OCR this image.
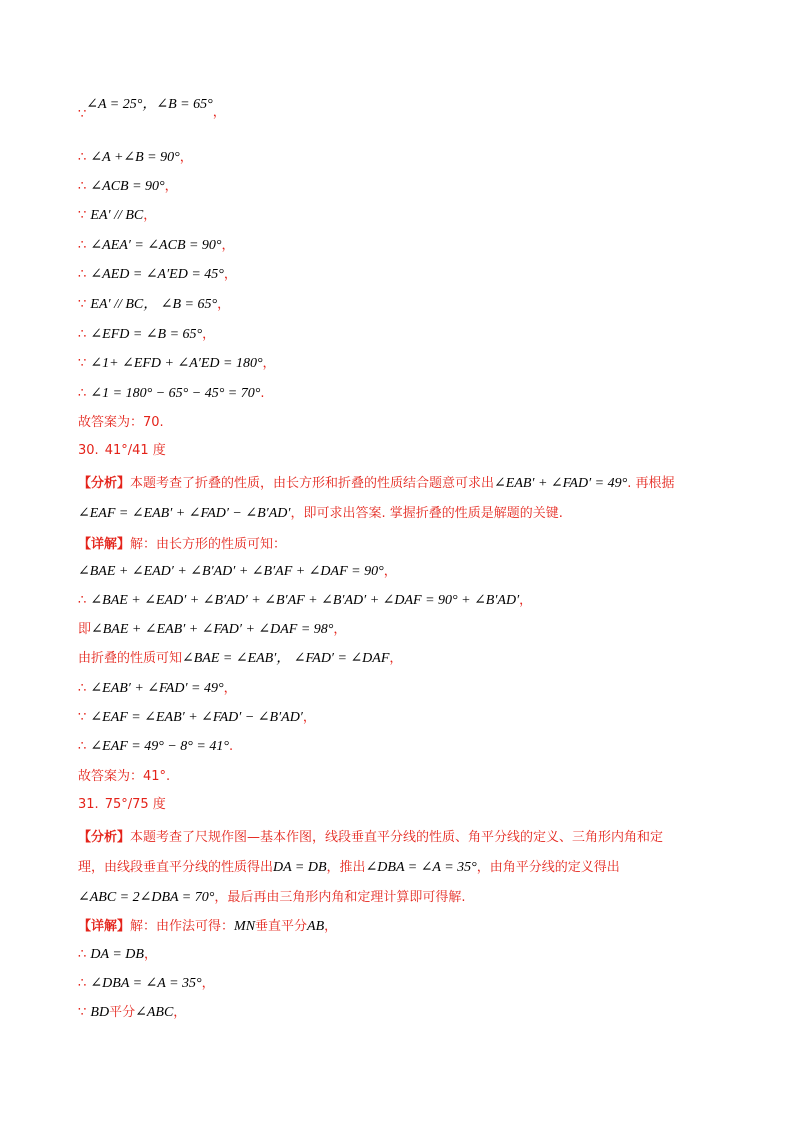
∵∠A = 25°，∠B = 65°，
∴ ∠A +∠B = 90°，
∴ ∠ACB = 90°，
∵ EA′ // BC，
∴ ∠AEA′ = ∠ACB = 90°，
∴ ∠AED = ∠A′ED = 45°，
∵ EA′ // BC， ∠B = 65°，
∴ ∠EFD = ∠B = 65°，
∵ ∠1+ ∠EFD + ∠A′ED = 180°，
∴ ∠1 = 180° − 65° − 45° = 70°.
故答案为：70.
30. 41°/41 度
【分析】本题考查了折叠的性质，由长方形和折叠的性质结合题意可求出∠EAB′ + ∠FAD′ = 49°. 再根据
∠EAF = ∠EAB′ + ∠FAD′ − ∠B′AD′，即可求出答案. 掌握折叠的性质是解题的关键.
【详解】解：由长方形的性质可知：
∠BAE + ∠EAD′ + ∠B′AD′ + ∠B′AF + ∠DAF = 90°，
∴ ∠BAE + ∠EAD′ + ∠B′AD′ + ∠B′AF + ∠B′AD′ + ∠DAF = 90° + ∠B′AD′，
即∠BAE + ∠EAB′ + ∠FAD′ + ∠DAF = 98°，
由折叠的性质可知∠BAE = ∠EAB′， ∠FAD′ = ∠DAF，
∴ ∠EAB′ + ∠FAD′ = 49°，
∵ ∠EAF = ∠EAB′ + ∠FAD′ − ∠B′AD′，
∴ ∠EAF = 49° − 8° = 41°.
故答案为：41°.
31. 75°/75 度
【分析】本题考查了尺规作图—基本作图，线段垂直平分线的性质、角平分线的定义、三角形内角和定
理，由线段垂直平分线的性质得出DA = DB，推出∠DBA = ∠A = 35°，由角平分线的定义得出
∠ABC = 2∠DBA = 70°，最后再由三角形内角和定理计算即可得解.
【详解】解：由作法可得：MN垂直平分AB，
∴ DA = DB，
∴ ∠DBA = ∠A = 35°，
∵ BD平分∠ABC，
